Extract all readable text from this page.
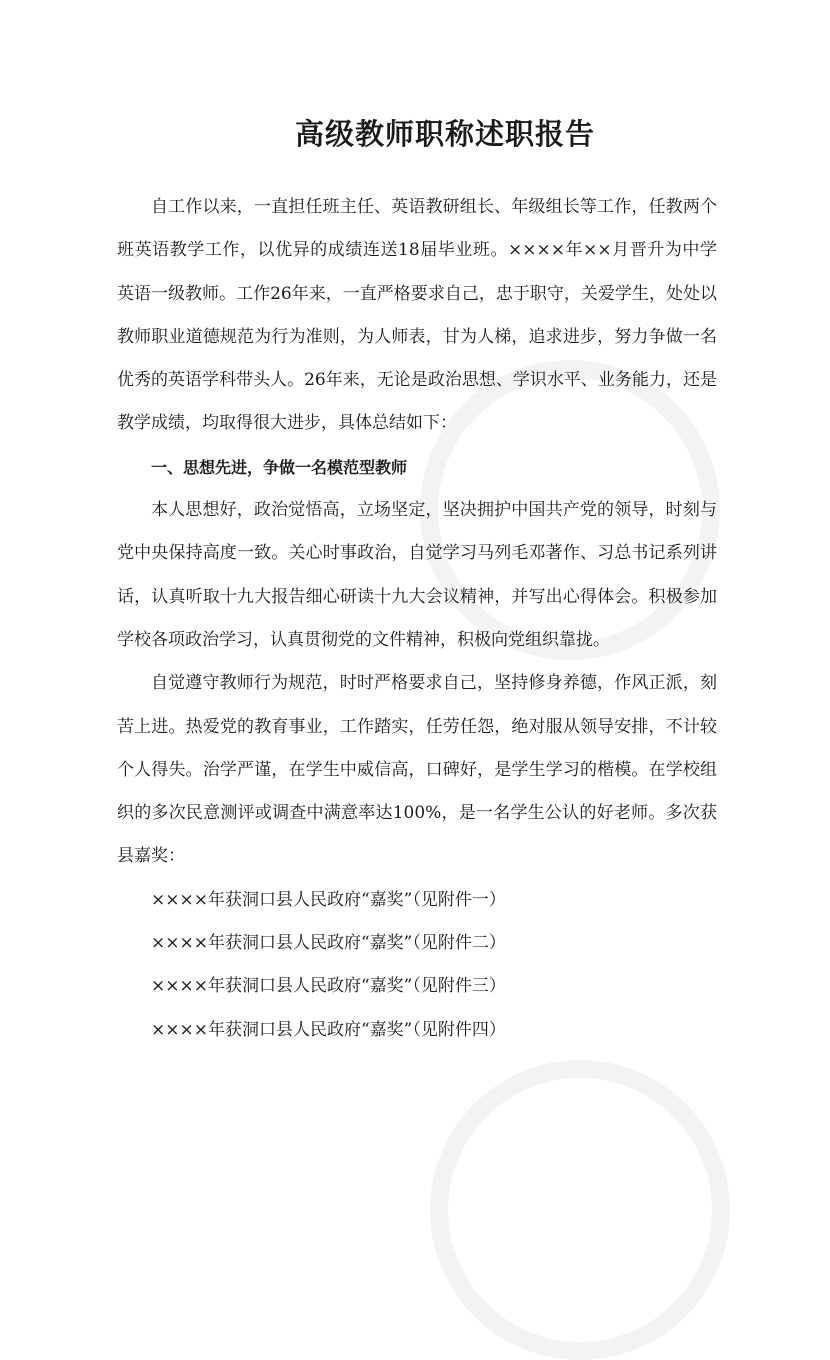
高级教师职称述职报告

自工作以来，一直担任班主任、英语教研组长、年级组长等工作，任教两个班英语教学工作，以优异的成绩连送18届毕业班。××××年××月晋升为中学英语一级教师。工作26年来，一直严格要求自己，忠于职守，关爱学生，处处以教师职业道德规范为行为准则，为人师表，甘为人梯，追求进步，努力争做一名优秀的英语学科带头人。26年来，无论是政治思想、学识水平、业务能力，还是教学成绩，均取得很大进步，具体总结如下：

一、思想先进，争做一名模范型教师

本人思想好，政治觉悟高，立场坚定，坚决拥护中国共产党的领导，时刻与党中央保持高度一致。关心时事政治，自觉学习马列毛邓著作、习总书记系列讲话，认真听取十九大报告细心研读十九大会议精神，并写出心得体会。积极参加学校各项政治学习，认真贯彻党的文件精神，积极向党组织靠拢。

自觉遵守教师行为规范，时时严格要求自己，坚持修身养德，作风正派，刻苦上进。热爱党的教育事业，工作踏实，任劳任怨，绝对服从领导安排，不计较个人得失。治学严谨，在学生中威信高，口碑好，是学生学习的楷模。在学校组织的多次民意测评或调查中满意率达100%，是一名学生公认的好老师。多次获县嘉奖：

××××年获洞口县人民政府“嘉奖”（见附件一）

××××年获洞口县人民政府“嘉奖”（见附件二）

××××年获洞口县人民政府“嘉奖”（见附件三）

××××年获洞口县人民政府“嘉奖”（见附件四）
